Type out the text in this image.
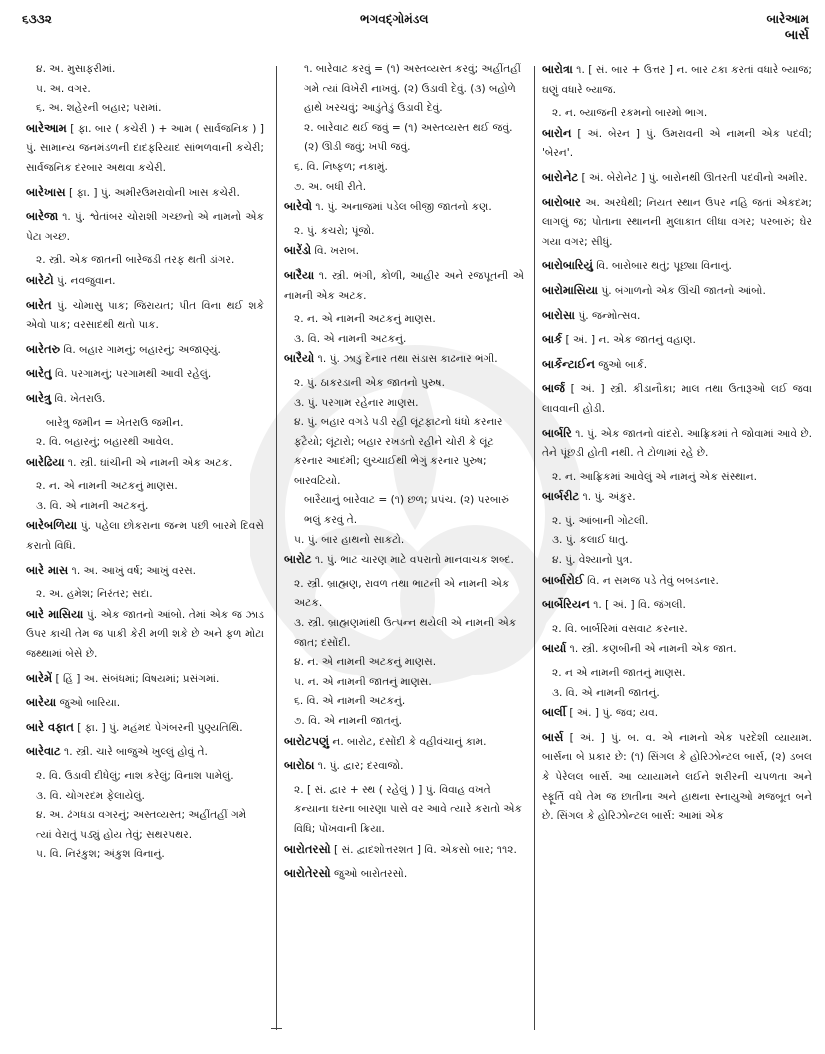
૬૩૩૨	ભગવદ્ગોમંડલ	બારેઆમ
બાર્સ
૪. અ. મુસાફરીમાં.
૫. અ. વગર.
૬. અ. શહેરની બહાર; પરામાં.
બારેઆમ [ ફા. બાર ( કચેરી ) + આમ ( સાર્વજનિક ) ] પું. સામાન્ય જનમંડળની દાદફરિયાદ સાંભળવાની કચેરી; સાર્વજનિક દરબાર અથવા કચેરી.
બારેખાસ [ ફા. ] પું. અમીરઉમરાવોની ખાસ કચેરી.
બારેજા ૧. પું. શ્વેતાંબર ચોરાશી ગચ્છનો એ નામનો એક પેટા ગચ્છ.
૨. સ્ત્રી. એક જાતની બારેજડી તરફ થતી ડાંગર.
બારેટો પું. નવજુવાન.
બારેત પું. ચોમાસુ પાક; જિરાયત; પીત વિના થઈ શકે એવો પાક; વરસાદથી થતો પાક.
બારેતરુ વિ. બહાર ગામનું; બહારનું; અજાણ્યું.
બારેતુ વિ. પરગામનું; પરગામથી આવી રહેલું.
બારેત્રુ વિ. ખેતરાઉ.
બારેત્રુ જમીન = ખેતરાઉ જમીન.
૨. વિ. બહારનું; બહારથી આવેલ.
બારેઢિયા ૧. સ્ત્રી. ઘાંચીની એ નામની એક અટક.
૨. ન. એ નામની અટકનું માણસ.
૩. વિ. એ નામની અટકનું.
બારેબળિયા પું. પહેલા છોકરાના જન્મ પછી બારમે દિવસે કરાતો વિધિ.
બારે માસ ૧. અ. આખું વર્ષ; આખું વરસ.
૨. અ. હમેશ; નિરંતર; સદા.
બારે માસિયા પું. એક જાતનો આંબો. તેમાં એક જ ઝાડ ઉપર કાચી તેમ જ પાકી કેરી મળી શકે છે અને ફળ મોટા જથ્થામાં બેસે છે.
બારેમેં [ હિં ] અ. સંબંધમાં; વિષયમાં; પ્રસંગમાં.
બારેયા જુઓ બારિયા.
બારે વફાત [ ફા. ] પું. મહંમદ પેગંબરની પુણ્યતિથિ.
બારેવાટ ૧. સ્ત્રી. ચારે બાજુએ ખુલ્લું હોવું તે.
૨. વિ. ઉડાવી દીધેલું; નાશ કરેલું; વિનાશ પામેલું.
૩. વિ. ચોગરદમ ફેલાયેલું.
૪. અ. ઢંગધડા વગરનું; અસ્તવ્યસ્ત; અહીંતહીં ગમે ત્યાં વેરાતું પડ્યું હોય તેવું; સથરપથર.
૫. વિ. નિરંકુશ; અંકુશ વિનાનું.
૧. બારેવાટ કરવું = (૧) અસ્તવ્યસ્ત કરવું; અહીંતહીં ગમે ત્યાં વિખેરી નાખવું. (૨) ઉડાવી દેવું. (૩) બહોળે હાથે ખરચવું; આડુંતેડું ઉડાવી દેવું.
૨. બારેવાટ થઈ જવું = (૧) અસ્તવ્યસ્ત થઈ જવું. (૨) ઊડી જવું; ખપી જવું.
૬. વિ. નિષ્ફળ; નકામું.
૭. અ. બધી રીતે.
બારેવો ૧. પું. અનાજમાં પડેલ બીજી જાતનો કણ.
૨. પું. કચરો; પૂંજો.
બારેંડો વિ. ખરાબ.
બારૈયા ૧. સ્ત્રી. ભંગી, કોળી, આહીર અને રજપૂતની એ નામની એક અટક.
૨. ન. એ નામની અટકનું માણસ.
૩. વિ. એ નામની અટકનું.
બારૈયો ૧. પું. ઝાડુ દેનાર તથા સંડાસ કાઢનાર ભંગી.
૨. પું. ઠાકરડાની એક જાતનો પુરુષ.
૩. પું. પરગામ રહેનાર માણસ.
૪. પું. બહાર વગડે પડી રહી લૂંટફાટનો ધંધો કરનાર ફટૈયો; લૂંટારો; બહાર રખડતો રહીને ચોરી કે લૂંટ કરનાર આદમી; લુચ્ચાઈથી ભેગું કરનાર પુરુષ; બારવટિયો.
બારૈયાનું બારેવાટ = (૧) છળ; પ્રપંચ. (૨) પરબારું ભલું કરવું તે.
૫. પું. બાર હાથનો સાકટો.
બારોટ ૧. પું. ભાટ ચારણ માટે વપરાતો માનવાચક શબ્દ.
૨. સ્ત્રી. બ્રાહ્મણ, રાવળ તથા ભાટની એ નામની એક અટક.
૩. સ્ત્રી. બ્રાહ્મણમાંથી ઉત્પન્ન થયેલી એ નામની એક જાત; દસોંદી.
૪. ન. એ નામની અટકનું માણસ.
૫. ન. એ નામની જાતનું માણસ.
૬. વિ. એ નામની અટકનું.
૭. વિ. એ નામની જાતનું.
બારોટપણું ન. બારોટ, દસોંદી કે વહીવંચાનું કામ.
બારોઠા ૧. પું. દ્વાર; દરવાજો.
૨. [ સં. દ્વાર + સ્થ ( રહેલું ) ] પું. વિવાહ વખતે કન્યાના ઘરના બારણા પાસે વર આવે ત્યારે કરાતો એક વિધિ; પોંખવાની ક્રિયા.
બારોતરસો [ સં. દ્વાદશોત્તરશત ] વિ. એકસો બાર; ૧૧૨.
બારોતેરસો જુઓ બારોતરસો.
બારોત્રા ૧. [ સં. બાર + ઉત્તર ] ન. બાર ટકા કરતાં વધારે બ્યાજ; ઘણું વધારે બ્યાજ.
૨. ન. બ્યાજની રકમનો બારમો ભાગ.
બારોન [ અં. બેરન ] પું. ઉમરાવની એ નામની એક પદવી; 'બેરન'.
બારોનેટ [ અં. બેરોનેટ ] પું. બારોનથી ઊતરતી પદવીનો અમીર.
બારોબાર અ. અરધેથી; નિયત સ્થાન ઉપર નહિ જતાં એકદમ; લાગલું જ; પોતાના સ્થાનની મુલાકાત લીધા વગર; પરબારું; ઘેર ગયા વગર; સીધું.
બારોબારિયું વિ. બારોબાર થતું; પૂછ્યા વિનાનું.
બારોમાસિયા પું. બંગાળનો એક ઊંચી જાતનો આંબો.
બારોસા પું. જન્મોત્સવ.
બાર્ક [ અં. ] ન. એક જાતનું વહાણ.
બાર્કેન્ટાઈન જુઓ બાર્ક.
બાર્જ [ અં. ] સ્ત્રી. કીડાનૌકા; માલ તથા ઉતારૂઓ લઈ જવા લાવવાની હોડી.
બાર્બરિ ૧. પું. એક જાતનો વાંદરો. આફ્રિકમાં તે જોવામાં આવે છે. તેને પૂંછડી હોતી નથી. તે ટોળામાં રહે છે.
૨. ન. આફ્રિકમાં આવેલું એ નામનું એક સંસ્થાન.
બાર્બરીટ ૧. પું. અંકુર.
૨. પું. આંબાની ગોટલી.
૩. પું. કલાઈ ધાતુ.
૪. પું. વેશ્યાનો પુત્ર.
બાર્બારોઈ વિ. ન સમજ પડે તેવું બબડનાર.
બાર્બેરિયન ૧. [ અં. ] વિ. જંગલી.
૨. વિ. બાર્બરિમાં વસવાટ કરનાર.
બાર્યા ૧. સ્ત્રી. કણબીની એ નામની એક જાત.
૨. ન એ નામની જાતનું માણસ.
૩. વિ. એ નામની જાતનું.
બાર્લી [ અં. ] પું. જવ; યવ.
બાર્સ [ અં. ] પું. બ. વ. એ નામનો એક પરદેશી વ્યાયામ. બાર્સના બે પ્રકાર છે: (૧) સિંગલ કે હોરિઝોન્ટલ બાર્સ, (૨) ડબલ કે પેરેલલ બાર્સ. આ વ્યાયામને લઈને શરીરની ચપળતા અને સ્ફૂર્તિ વધે તેમ જ છાતીના અને હાથના સ્નાયુઓ મજબૂત બને છે. સિંગલ કે હોરિઝોન્ટલ બાર્સ: આમાં એક
